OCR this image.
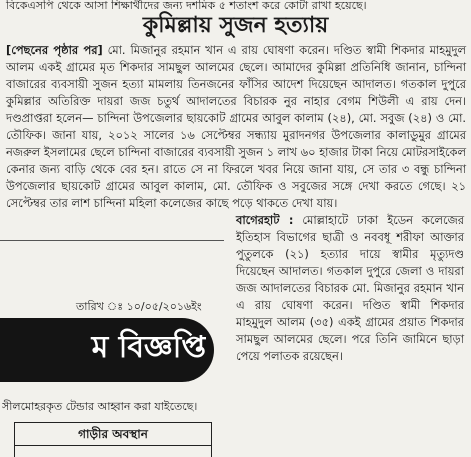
বিকেএসপি থেকে আসা শিক্ষার্থীদের জন্য দশমিক ৫ শতাংশ করে কোটা রাখা হয়েছে।
কুমিল্লায় সুজন হত্যায়

[পেছনের পৃষ্ঠার পর] মো. মিজানুর রহমান খান এ রায় ঘোষণা করেন। দণ্ডিত স্বামী শিকদার মাহমুদুল আলম একই গ্রামের মৃত শিকদার সামছুল আলমের ছেলে। আমাদের কুমিল্লা প্রতিনিধি জানান, চান্দিনা বাজারের ব্যবসায়ী সুজন হত্যা মামলায় তিনজনের ফাঁসির আদেশ দিয়েছেন আদালত। গতকাল দুপুরে কুমিল্লার অতিরিক্ত দায়রা জজ চতুর্থ আদালতের বিচারক নুর নাহার বেগম শিউলী এ রায় দেন। দণ্ডপ্রাপ্তরা হলেন— চান্দিনা উপজেলার ছায়কোট গ্রামের আবুল কালাম (২৪), মো. সবুজ (২৪) ও মো. তৌফিক। জানা যায়, ২০১২ সালের ১৬ সেপ্টেম্বর সন্ধ্যায় মুরাদনগর উপজেলার কালাডুমুর গ্রামের নজরুল ইসলামের ছেলে চান্দিনা বাজারের ব্যবসায়ী সুজন ১ লাখ ৬০ হাজার টাকা নিয়ে মোটরসাইকেল কেনার জন্য বাড়ি থেকে বের হন। রাতে সে না ফিরলে খবর নিয়ে জানা যায়, সে তার ৩ বন্ধু চান্দিনা উপজেলার ছায়কোট গ্রামের আবুল কালাম, মো. তৌফিক ও সবুজের সঙ্গে দেখা করতে গেছে। ২১ সেপ্টেম্বর তার লাশ চান্দিনা মহিলা কলেজের কাছে পড়ে থাকতে দেখা যায়।

বাগেরহাট : মোল্লাহাটে ঢাকা ইডেন কলেজের ইতিহাস বিভাগের ছাত্রী ও নববধূ শরীফা আক্তার পুতুলকে (২১) হত্যার দায়ে স্বামীর মৃত্যুদণ্ড দিয়েছেন আদালত। গতকাল দুপুরে জেলা ও দায়রা জজ আদালতের বিচারক মো. মিজানুর রহমান খান এ রায় ঘোষণা করেন। দণ্ডিত স্বামী শিকদার মাহমুদুল আলম (৩৫) একই গ্রামের প্রয়াত শিকদার সামছুল আলমের ছেলে। পরে তিনি জামিনে ছাড়া পেয়ে পলাতক রয়েছেন।

তারিখ ঃ ১০/০৫/২০১৬ইং
ম বিজ্ঞপ্তি
সীলমোহরকৃত টেন্ডার আহ্বান করা যাইতেছে।
গাড়ীর অবস্থান
